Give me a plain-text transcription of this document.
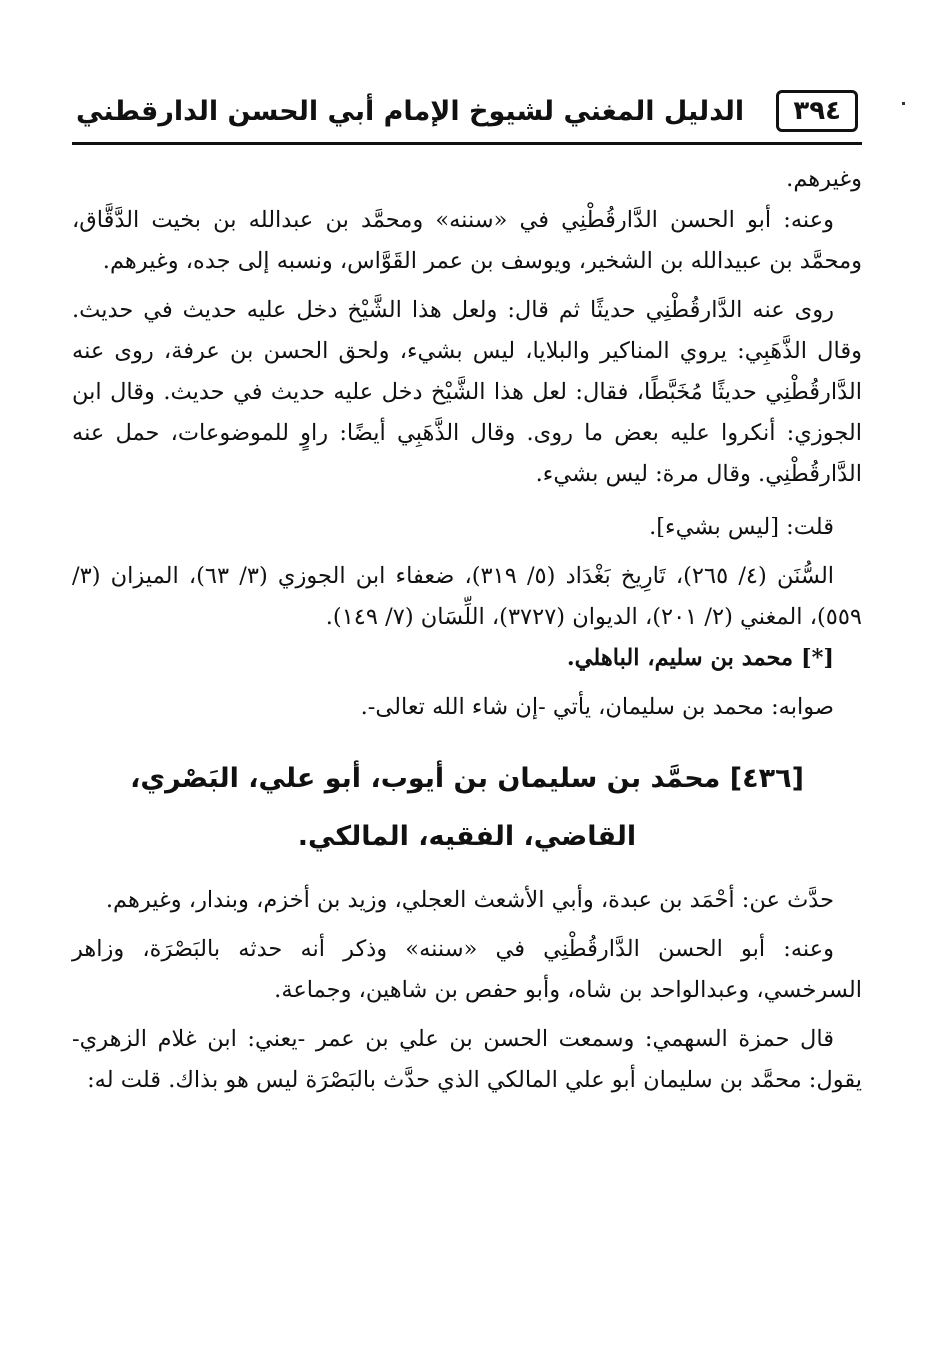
٣٩٤
الدليل المغني لشيوخ الإمام أبي الحسن الدارقطني

وغيرهم.

وعنه: أبو الحسن الدَّارقُطْنِي في «سننه» ومحمَّد بن عبدالله بن بخيت الدَّقَّاق، ومحمَّد بن عبيدالله بن الشخير، ويوسف بن عمر القَوَّاس، ونسبه إلى جده، وغيرهم.

روى عنه الدَّارقُطْنِي حديثًا ثم قال: ولعل هذا الشَّيْخ دخل عليه حديث في حديث. وقال الذَّهَبِي: يروي المناكير والبلايا، ليس بشيء، ولحق الحسن بن عرفة، روى عنه الدَّارقُطْنِي حديثًا مُخَبَّطًا، فقال: لعل هذا الشَّيْخ دخل عليه حديث في حديث. وقال ابن الجوزي: أنكروا عليه بعض ما روى. وقال الذَّهَبِي أيضًا: راوٍ للموضوعات، حمل عنه الدَّارقُطْنِي. وقال مرة: ليس بشيء.

قلت: [ليس بشيء].

السُّنَن (٤/ ٢٦٥)، تَارِيخ بَغْدَاد (٥/ ٣١٩)، ضعفاء ابن الجوزي (٣/ ٦٣)، الميزان (٣/ ٥٥٩)، المغني (٢/ ٢٠١)، الديوان (٣٧٢٧)، اللِّسَان (٧/ ١٤٩).

[*] محمد بن سليم، الباهلي.

صوابه: محمد بن سليمان، يأتي -إن شاء الله تعالى-.

[٤٣٦] محمَّد بن سليمان بن أيوب، أبو علي، البَصْري، القاضي، الفقيه، المالكي.

حدَّث عن: أحْمَد بن عبدة، وأبي الأشعث العجلي، وزيد بن أخزم، وبندار، وغيرهم.

وعنه: أبو الحسن الدَّارقُطْنِي في «سننه» وذكر أنه حدثه بالبَصْرَة، وزاهر السرخسي، وعبدالواحد بن شاه، وأبو حفص بن شاهين، وجماعة.

قال حمزة السهمي: وسمعت الحسن بن علي بن عمر -يعني: ابن غلام الزهري- يقول: محمَّد بن سليمان أبو علي المالكي الذي حدَّث بالبَصْرَة ليس هو بذاك. قلت له:
